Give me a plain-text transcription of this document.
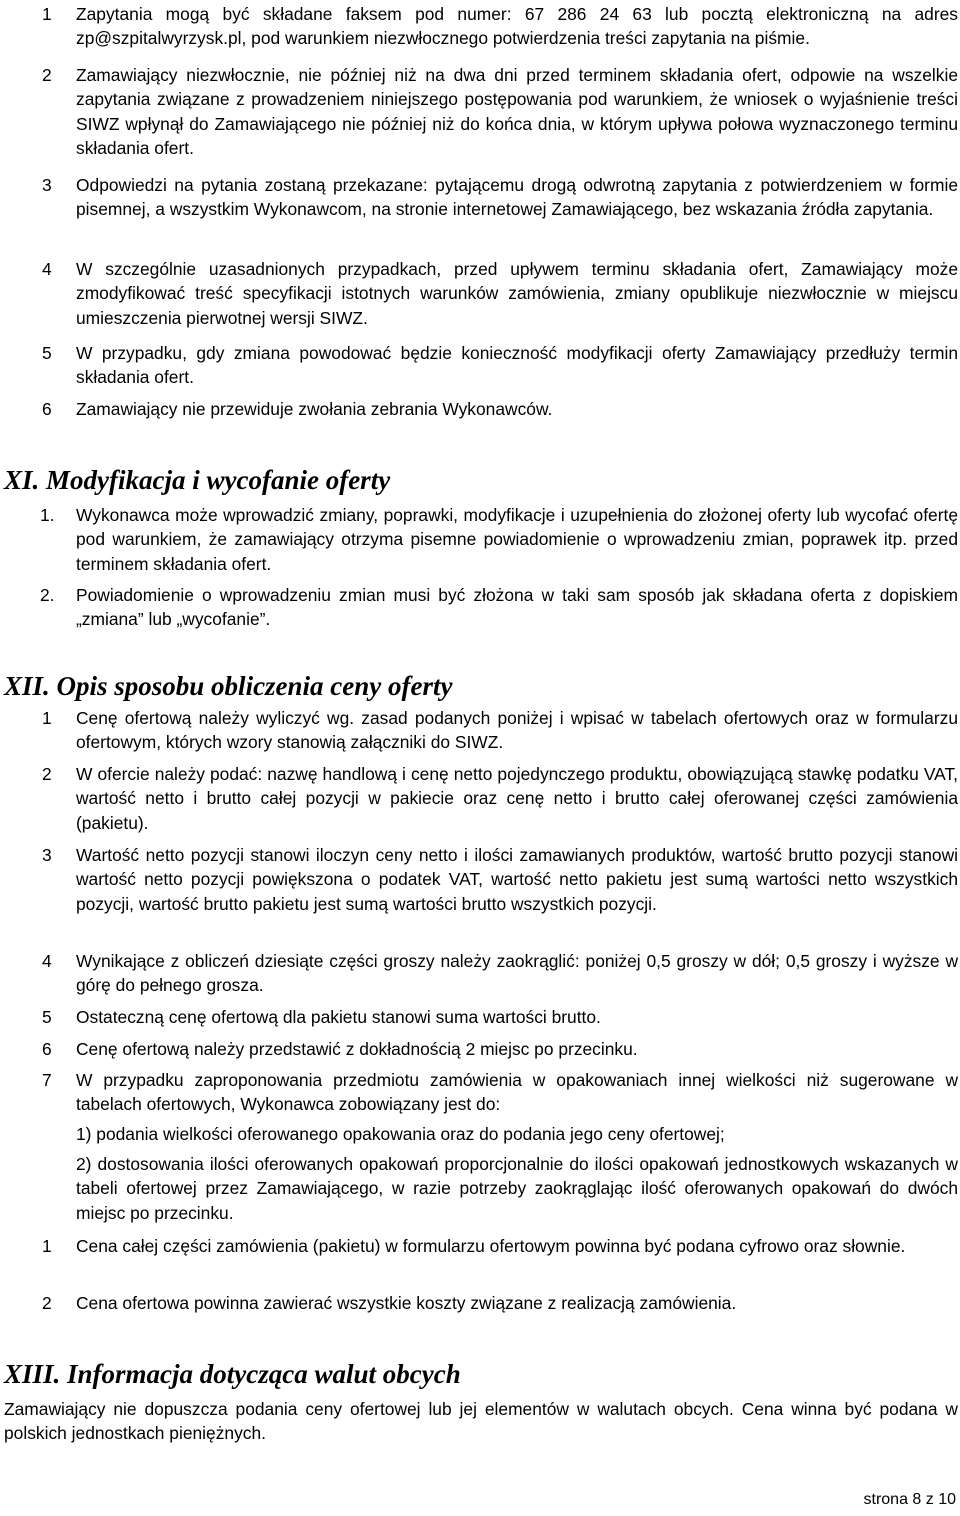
1 Zapytania mogą być składane faksem pod numer: 67 286 24 63 lub pocztą elektroniczną na adres zp@szpitalwyrzysk.pl, pod warunkiem niezwłocznego potwierdzenia treści zapytania na piśmie.
2 Zamawiający niezwłocznie, nie później niż na dwa dni przed terminem składania ofert, odpowie na wszelkie zapytania związane z prowadzeniem niniejszego postępowania pod warunkiem, że wniosek o wyjaśnienie treści SIWZ wpłynął do Zamawiającego nie później niż do końca dnia, w którym upływa połowa wyznaczonego terminu składania ofert.
3 Odpowiedzi na pytania zostaną przekazane: pytającemu drogą odwrotną zapytania z potwierdzeniem w formie pisemnej, a wszystkim Wykonawcom, na stronie internetowej Zamawiającego, bez wskazania źródła zapytania.
4 W szczególnie uzasadnionych przypadkach, przed upływem terminu składania ofert, Zamawiający może zmodyfikować treść specyfikacji istotnych warunków zamówienia, zmiany opublikuje niezwłocznie w miejscu umieszczenia pierwotnej wersji SIWZ.
5 W przypadku, gdy zmiana powodować będzie konieczność modyfikacji oferty Zamawiający przedłuży termin składania ofert.
6 Zamawiający nie przewiduje zwołania zebrania Wykonawców.
XI. Modyfikacja i wycofanie oferty
1. Wykonawca może wprowadzić zmiany, poprawki, modyfikacje i uzupełnienia do złożonej oferty lub wycofać ofertę pod warunkiem, że zamawiający otrzyma pisemne powiadomienie o wprowadzeniu zmian, poprawek itp. przed terminem składania ofert.
2. Powiadomienie o wprowadzeniu zmian musi być złożona w taki sam sposób jak składana oferta z dopiskiem „zmiana” lub „wycofanie”.
XII. Opis sposobu obliczenia ceny oferty
1 Cenę ofertową należy wyliczyć wg. zasad podanych poniżej i wpisać w tabelach ofertowych oraz w formularzu ofertowym, których wzory stanowią załączniki do SIWZ.
2 W ofercie należy podać: nazwę handlową i cenę netto pojedynczego produktu, obowiązującą stawkę podatku VAT, wartość netto i brutto całej pozycji w pakiecie oraz cenę netto i brutto całej oferowanej części zamówienia (pakietu).
3 Wartość netto pozycji stanowi iloczyn ceny netto i ilości zamawianych produktów, wartość brutto pozycji stanowi wartość netto pozycji powiększona o podatek VAT, wartość netto pakietu jest sumą wartości netto wszystkich pozycji, wartość brutto pakietu jest sumą wartości brutto wszystkich pozycji.
4 Wynikające z obliczeń dziesiąte części groszy należy zaokrąglić: poniżej 0,5 groszy w dół; 0,5 groszy i wyższe w górę do pełnego grosza.
5 Ostateczną cenę ofertową dla pakietu stanowi suma wartości brutto.
6 Cenę ofertową należy przedstawić z dokładnością 2 miejsc po przecinku.
7 W przypadku zaproponowania przedmiotu zamówienia w opakowaniach innej wielkości niż sugerowane w tabelach ofertowych, Wykonawca zobowiązany jest do:
1) podania wielkości oferowanego opakowania oraz do podania jego ceny ofertowej;
2) dostosowania ilości oferowanych opakowań proporcjonalnie do ilości opakowań jednostkowych wskazanych w tabeli ofertowej przez Zamawiającego, w razie potrzeby zaokrąglając ilość oferowanych opakowań do dwóch miejsc po przecinku.
1 Cena całej części zamówienia (pakietu) w formularzu ofertowym powinna być podana cyfrowo oraz słownie.
2 Cena ofertowa powinna zawierać wszystkie koszty związane z realizacją zamówienia.
XIII. Informacja dotycząca walut obcych
Zamawiający nie dopuszcza podania ceny ofertowej lub jej elementów w walutach obcych. Cena winna być podana w polskich jednostkach pieniężnych.
strona 8 z 10
